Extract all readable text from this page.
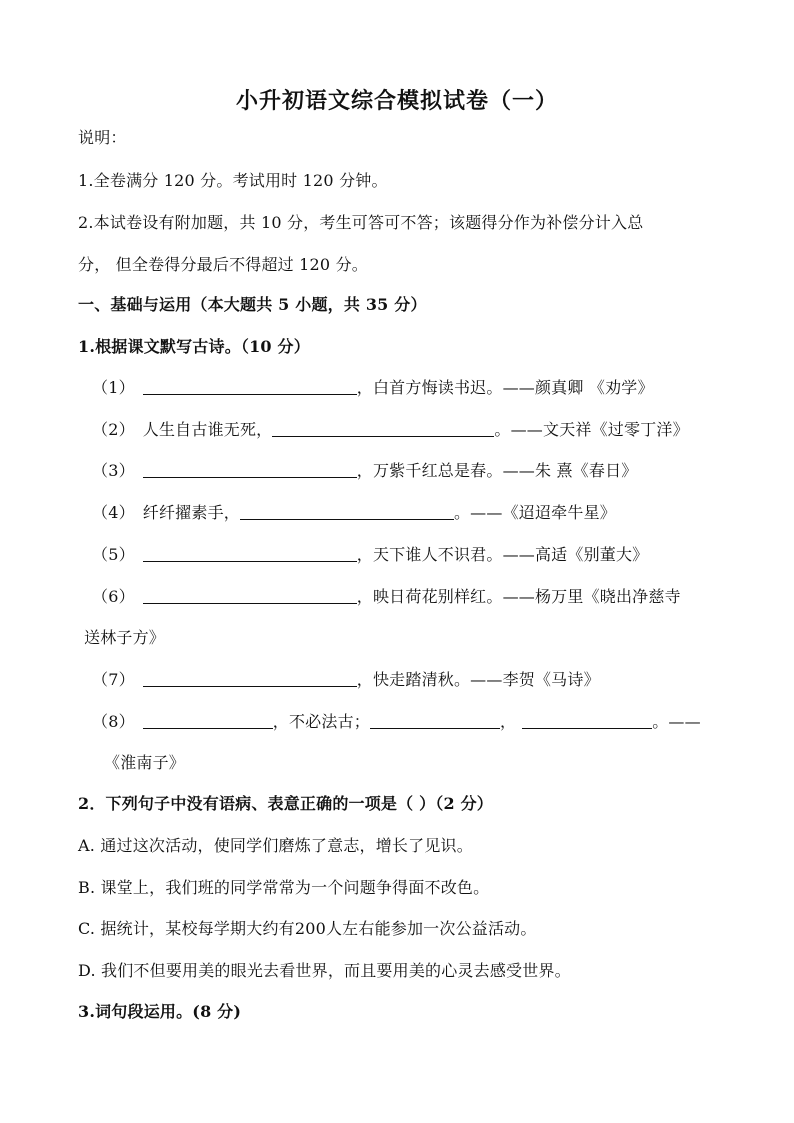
小升初语文综合模拟试卷（一）
说明：
1.全卷满分 120 分。考试用时 120 分钟。
2.本试卷设有附加题，共 10 分，考生可答可不答；该题得分作为补偿分计入总
分， 但全卷得分最后不得超过 120 分。
一、基础与运用（本大题共 5 小题，共 35 分）
1.根据课文默写古诗。（10 分）
（1）	，白首方悔读书迟。——颜真卿 《劝学》
（2） 人生自古谁无死，	。——文天祥《过零丁洋》
（3）	，万紫千红总是春。——朱 熹《春日》
（4） 纤纤擢素手，	。——《迢迢牵牛星》
（5）	，天下谁人不识君。——高适《别董大》
（6）	，映日荷花别样红。——杨万里《晓出净慈寺
送林子方》
（7）	，快走踏清秋。——李贺《马诗》
（8）	，不必法古；	，	。——
《淮南子》
2．下列句子中没有语病、表意正确的一项是（ ）（2 分）
A. 通过这次活动，使同学们磨炼了意志，增长了见识。
B. 课堂上，我们班的同学常常为一个问题争得面不改色。
C. 据统计，某校每学期大约有200人左右能参加一次公益活动。
D. 我们不但要用美的眼光去看世界，而且要用美的心灵去感受世界。
3.词句段运用。(8 分)
